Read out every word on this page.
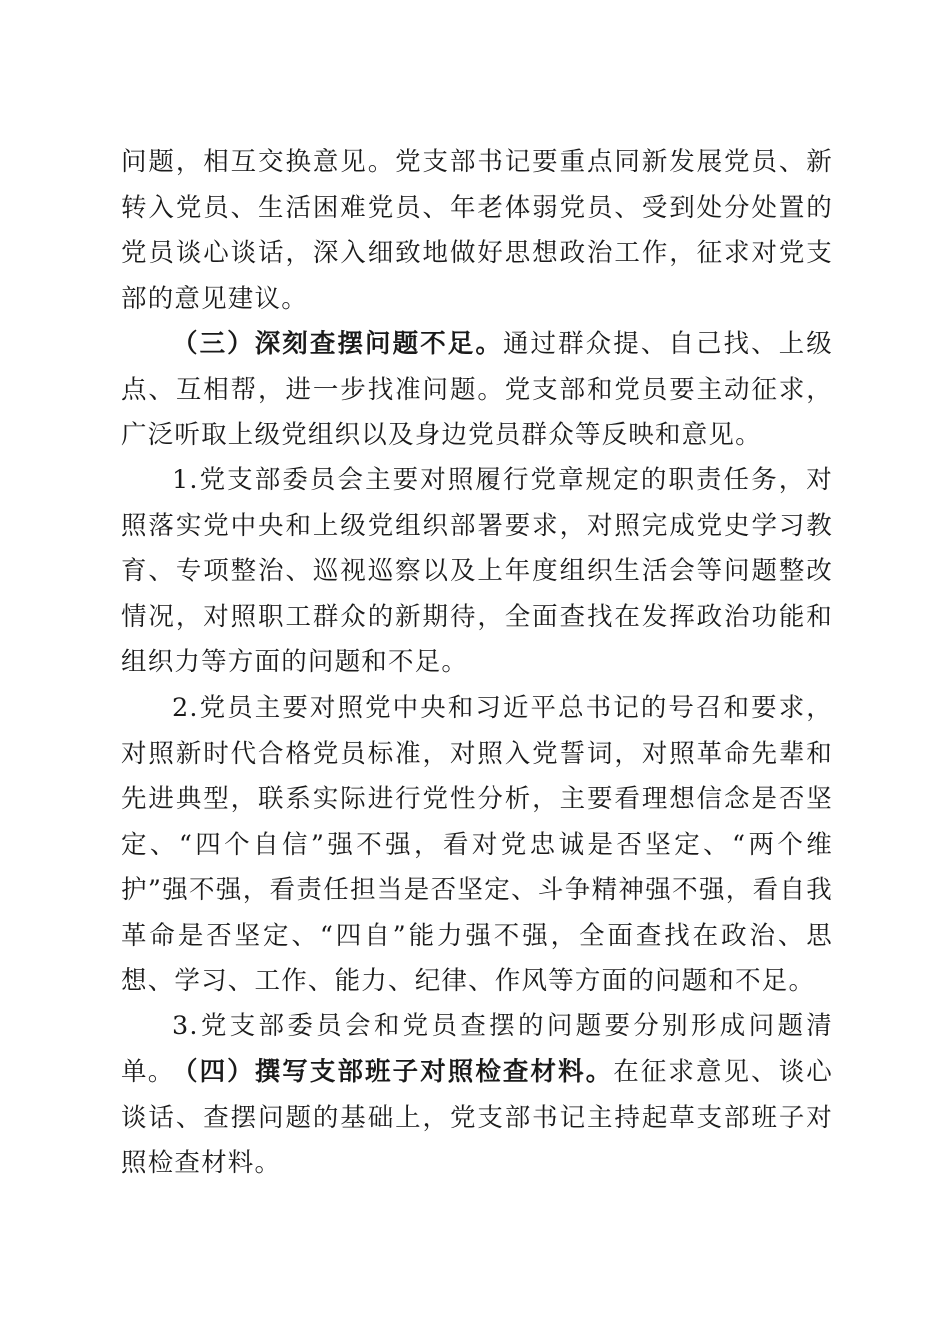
问题，相互交换意见。党支部书记要重点同新发展党员、新转入党员、生活困难党员、年老体弱党员、受到处分处置的党员谈心谈话，深入细致地做好思想政治工作，征求对党支部的意见建议。

（三）深刻查摆问题不足。通过群众提、自己找、上级点、互相帮，进一步找准问题。党支部和党员要主动征求，广泛听取上级党组织以及身边党员群众等反映和意见。

1.党支部委员会主要对照履行党章规定的职责任务，对照落实党中央和上级党组织部署要求，对照完成党史学习教育、专项整治、巡视巡察以及上年度组织生活会等问题整改情况，对照职工群众的新期待，全面查找在发挥政治功能和组织力等方面的问题和不足。

2.党员主要对照党中央和习近平总书记的号召和要求，对照新时代合格党员标准，对照入党誓词，对照革命先辈和先进典型，联系实际进行党性分析，主要看理想信念是否坚定、“四个自信”强不强，看对党忠诚是否坚定、“两个维护”强不强，看责任担当是否坚定、斗争精神强不强，看自我革命是否坚定、“四自”能力强不强，全面查找在政治、思想、学习、工作、能力、纪律、作风等方面的问题和不足。

3.党支部委员会和党员查摆的问题要分别形成问题清单。

（四）撰写支部班子对照检查材料。在征求意见、谈心谈话、查摆问题的基础上，党支部书记主持起草支部班子对照检查材料。
